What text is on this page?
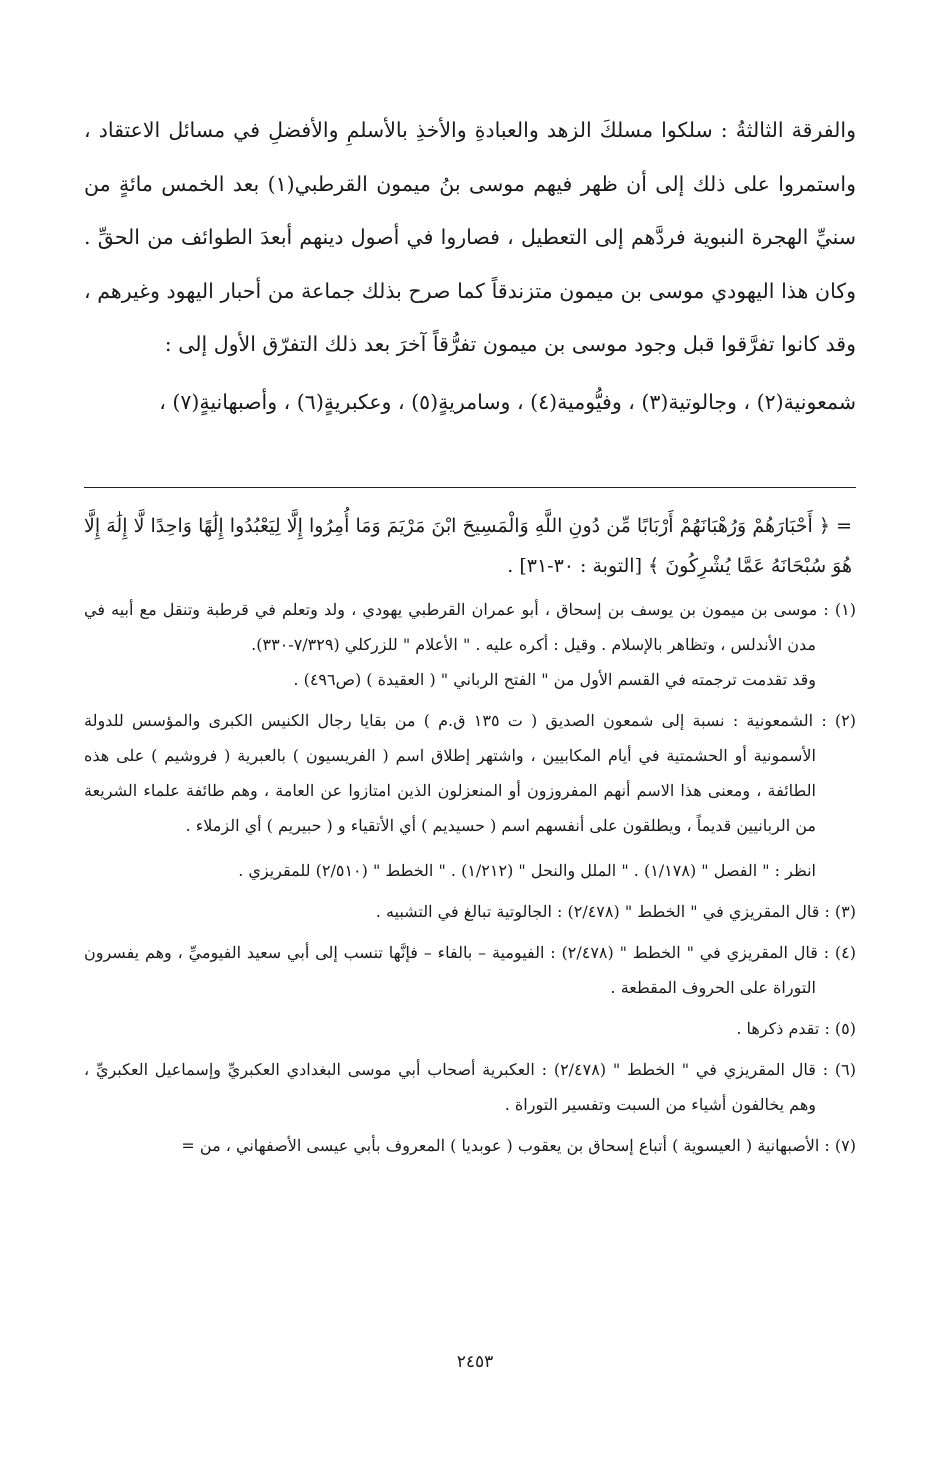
والفرقة الثالثةُ : سلكوا مسلكَ الزهد والعبادةِ والأخذِ بالأسلمِ والأفضلِ في مسائل الاعتقاد ، واستمروا على ذلك إلى أن ظهر فيهم موسى بنُ ميمون القرطبي(١) بعد الخمس مائةٍ من سنيِّ الهجرة النبوية فردَّهم إلى التعطيل ، فصاروا في أصول دينهم أبعدَ الطوائف من الحقِّ . وكان هذا اليهودي موسى بن ميمون متزندقاً كما صرح بذلك جماعة من أحبار اليهود وغيرهم ، وقد كانوا تفرَّقوا قبل وجود موسى بن ميمون تفرُّقاً آخرَ بعد ذلك التفرّق الأول إلى :

شمعونية(٢) ، وجالوتية(٣) ، وفيُّومية(٤) ، وسامريةٍ(٥) ، وعكبريةٍ(٦) ، وأصبهانيةٍ(٧) ،

= ﴿ أَحْبَارَهُمْ وَرُهْبَانَهُمْ أَرْبَابًا مِّن دُونِ اللَّهِ وَالْمَسِيحَ ابْنَ مَرْيَمَ وَمَا أُمِرُوا إِلَّا لِيَعْبُدُوا إِلَٰهًا وَاحِدًا لَّا إِلَٰهَ إِلَّا هُوَ سُبْحَانَهُ عَمَّا يُشْرِكُونَ ﴾ [التوبة : ٣٠-٣١] .

(١) : موسى بن ميمون بن يوسف بن إسحاق ، أبو عمران القرطبي يهودي ، ولد وتعلم في قرطبة وتنقل مع أبيه في مدن الأندلس ، وتظاهر بالإسلام . وقيل : أكره عليه . " الأعلام " للزركلي (٧/٣٢٩-٣٣٠).

وقد تقدمت ترجمته في القسم الأول من " الفتح الرباني " ( العقيدة ) (ص٤٩٦) .

(٢) : الشمعونية : نسبة إلى شمعون الصديق ( ت ١٣٥ ق.م ) من بقايا رجال الكنيس الكبرى والمؤسس للدولة الأسمونية أو الحشمتية في أيام المكابيين ، واشتهر إطلاق اسم ( الفريسيون ) بالعبرية ( فروشيم ) على هذه الطائفة ، ومعنى هذا الاسم أنهم المفروزون أو المنعزلون الذين امتازوا عن العامة ، وهم طائفة علماء الشريعة من الربانيين قديماً ، ويطلقون على أنفسهم اسم ( حسيديم ) أي الأتقياء و ( حبيريم ) أي الزملاء .

انظر : " الفصل " (١/١٧٨) . " الملل والنحل " (١/٢١٢) . " الخطط " (٢/٥١٠) للمقريزي .

(٣) : قال المقريزي في " الخطط " (٢/٤٧٨) : الجالوتية تبالغ في التشبيه .

(٤) : قال المقريزي في " الخطط " (٢/٤٧٨) : الفيومية – بالفاء – فإنَّها تنسب إلى أبي سعيد الفيوميِّ ، وهم يفسرون التوراة على الحروف المقطعة .

(٥) : تقدم ذكرها .

(٦) : قال المقريزي في " الخطط " (٢/٤٧٨) : العكبرية أصحاب أبي موسى البغدادي العكبريِّ وإسماعيل العكبريِّ ، وهم يخالفون أشياء من السبت وتفسير التوراة .

(٧) : الأصبهانية ( العيسوية ) أتباع إسحاق بن يعقوب ( عوبديا ) المعروف بأبي عيسى الأصفهاني ، من =

٢٤٥٣
